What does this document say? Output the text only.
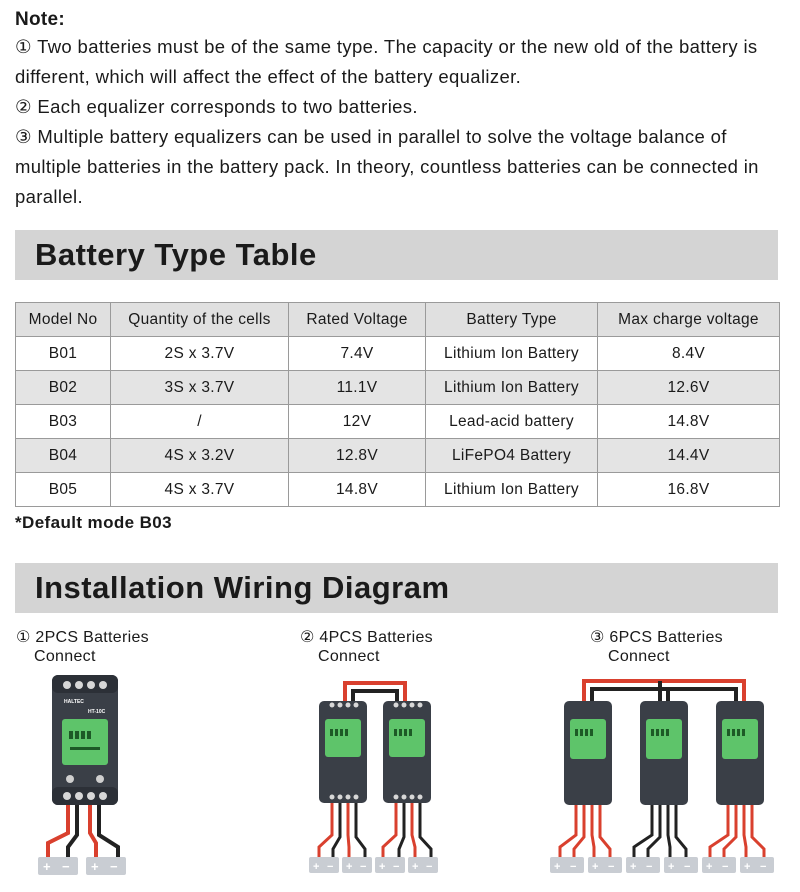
Note:
① Two batteries must be of the same type. The capacity or the new old of the battery is different, which will affect the effect of the battery equalizer.
② Each equalizer corresponds to two batteries.
③ Multiple battery equalizers can be used in parallel to solve the voltage balance of multiple batteries in the battery pack. In theory, countless batteries can be connected in parallel.
Battery Type Table
Model No	Quantity of the cells	Rated Voltage	Battery Type	Max charge voltage
B01	2S x 3.7V	7.4V	Lithium Ion Battery	8.4V
B02	3S x 3.7V	11.1V	Lithium Ion Battery	12.6V
B03	/	12V	Lead-acid battery	14.8V
B04	4S x 3.2V	12.8V	LiFePO4 Battery	14.4V
B05	4S x 3.7V	14.8V	Lithium Ion Battery	16.8V
*Default mode B03
Installation Wiring Diagram
① 2PCS Batteries
Connect
② 4PCS Batteries
Connect
③ 6PCS Batteries
Connect
HALTEC
HT-10C
+ − + −	+ − + − + − + −	+ − + − + − + − + − + −
